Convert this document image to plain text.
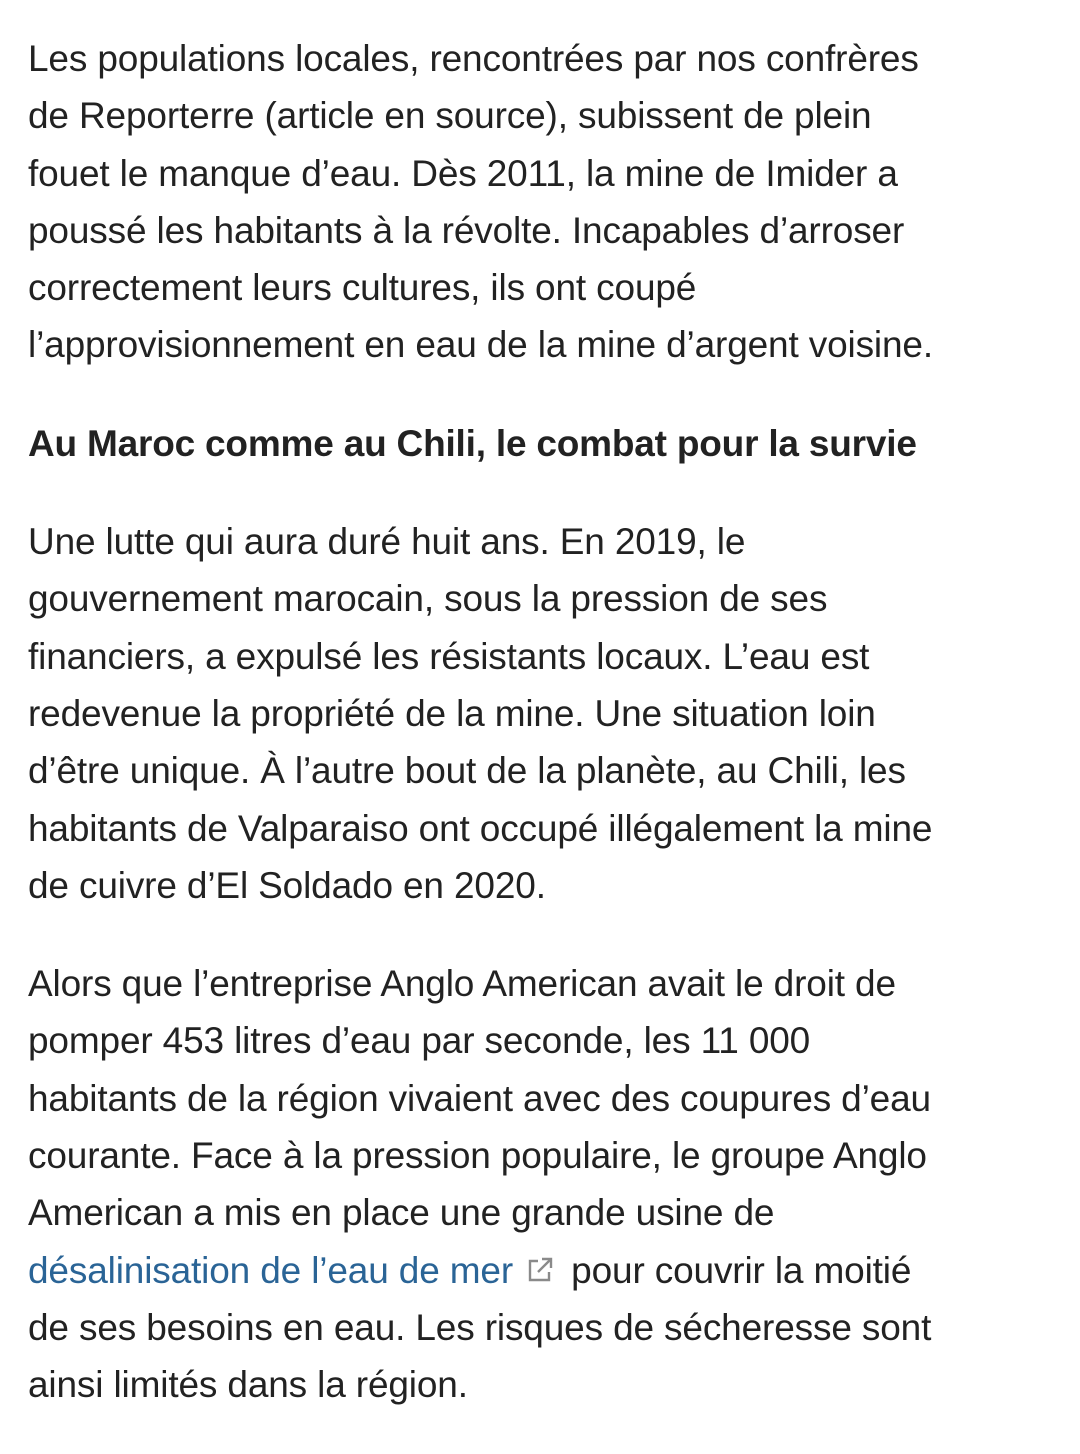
Les populations locales, rencontrées par nos confrères
de Reporterre (article en source), subissent de plein
fouet le manque d’eau. Dès 2011, la mine de Imider a
poussé les habitants à la révolte. Incapables d’arroser
correctement leurs cultures, ils ont coupé
l’approvisionnement en eau de la mine d’argent voisine.

Au Maroc comme au Chili, le combat pour la survie

Une lutte qui aura duré huit ans. En 2019, le
gouvernement marocain, sous la pression de ses
financiers, a expulsé les résistants locaux. L’eau est
redevenue la propriété de la mine. Une situation loin
d’être unique. À l’autre bout de la planète, au Chili, les
habitants de Valparaiso ont occupé illégalement la mine
de cuivre d’El Soldado en 2020.

Alors que l’entreprise Anglo American avait le droit de
pomper 453 litres d’eau par seconde, les 11 000
habitants de la région vivaient avec des coupures d’eau
courante. Face à la pression populaire, le groupe Anglo
American a mis en place une grande usine de
désalinisation de l’eau de mer pour couvrir la moitié
de ses besoins en eau. Les risques de sécheresse sont
ainsi limités dans la région.
